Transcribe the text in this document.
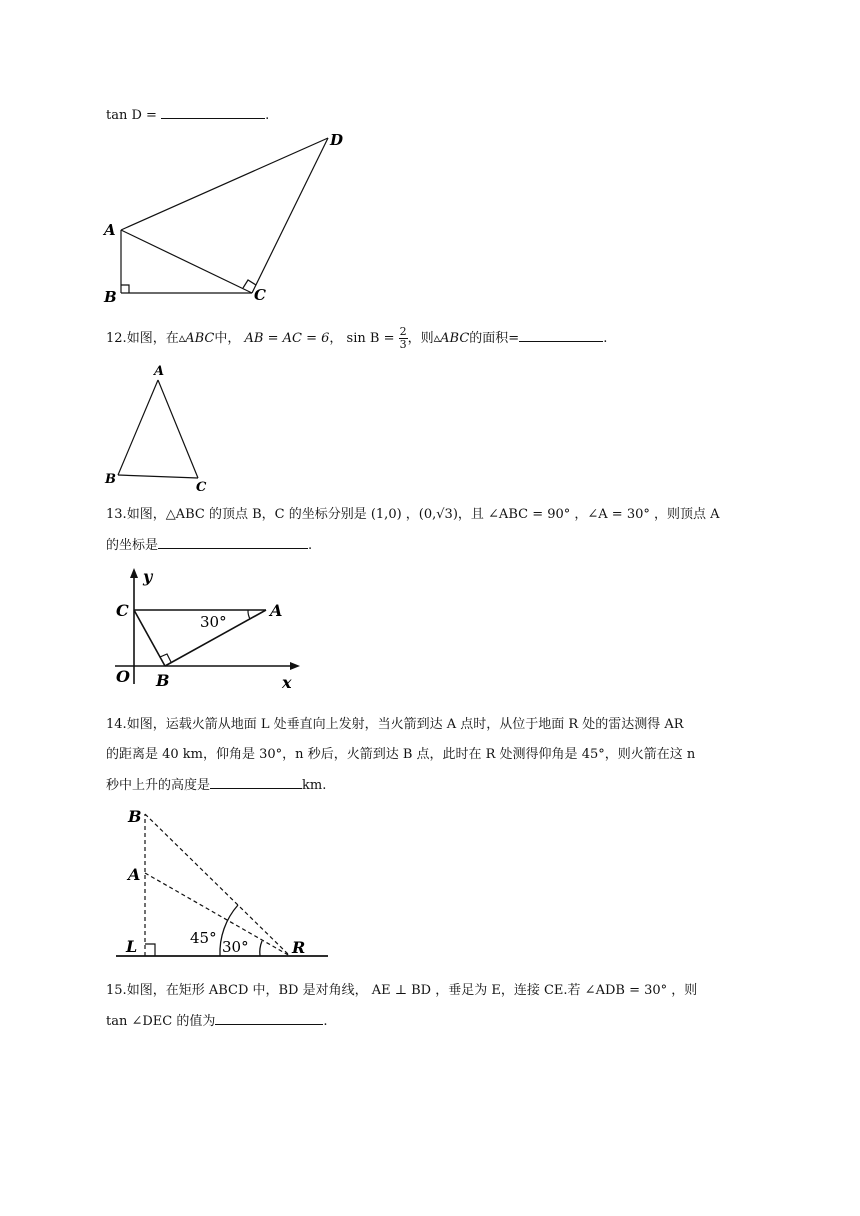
tan D =	.
A
B	C
D
12.如图，在▵ABC中， AB = AC = 6， $\sin B = \frac{2}{3}$ ，则▵ABC的面积=	.
A
B
C
13.如图，△ABC 的顶点 B，C 的坐标分别是 (1,0) ，(0,√3)，且 ∠ABC = 90° ，∠A = 30° ，则顶点 A
的坐标是	.
y
x
C	A
O B
30°
14.如图，运载火箭从地面 L 处垂直向上发射，当火箭到达 A 点时，从位于地面 R 处的雷达测得 AR
的距离是 40 km，仰角是 30°，n 秒后，火箭到达 B 点，此时在 R 处测得仰角是 45°，则火箭在这 n
秒中上升的高度是	km.
B
A
L	R
45° 30°
15.如图，在矩形 ABCD 中，BD 是对角线， AE ⊥ BD ，垂足为 E，连接 CE.若 ∠ADB = 30° ，则
tan ∠DEC 的值为	.
